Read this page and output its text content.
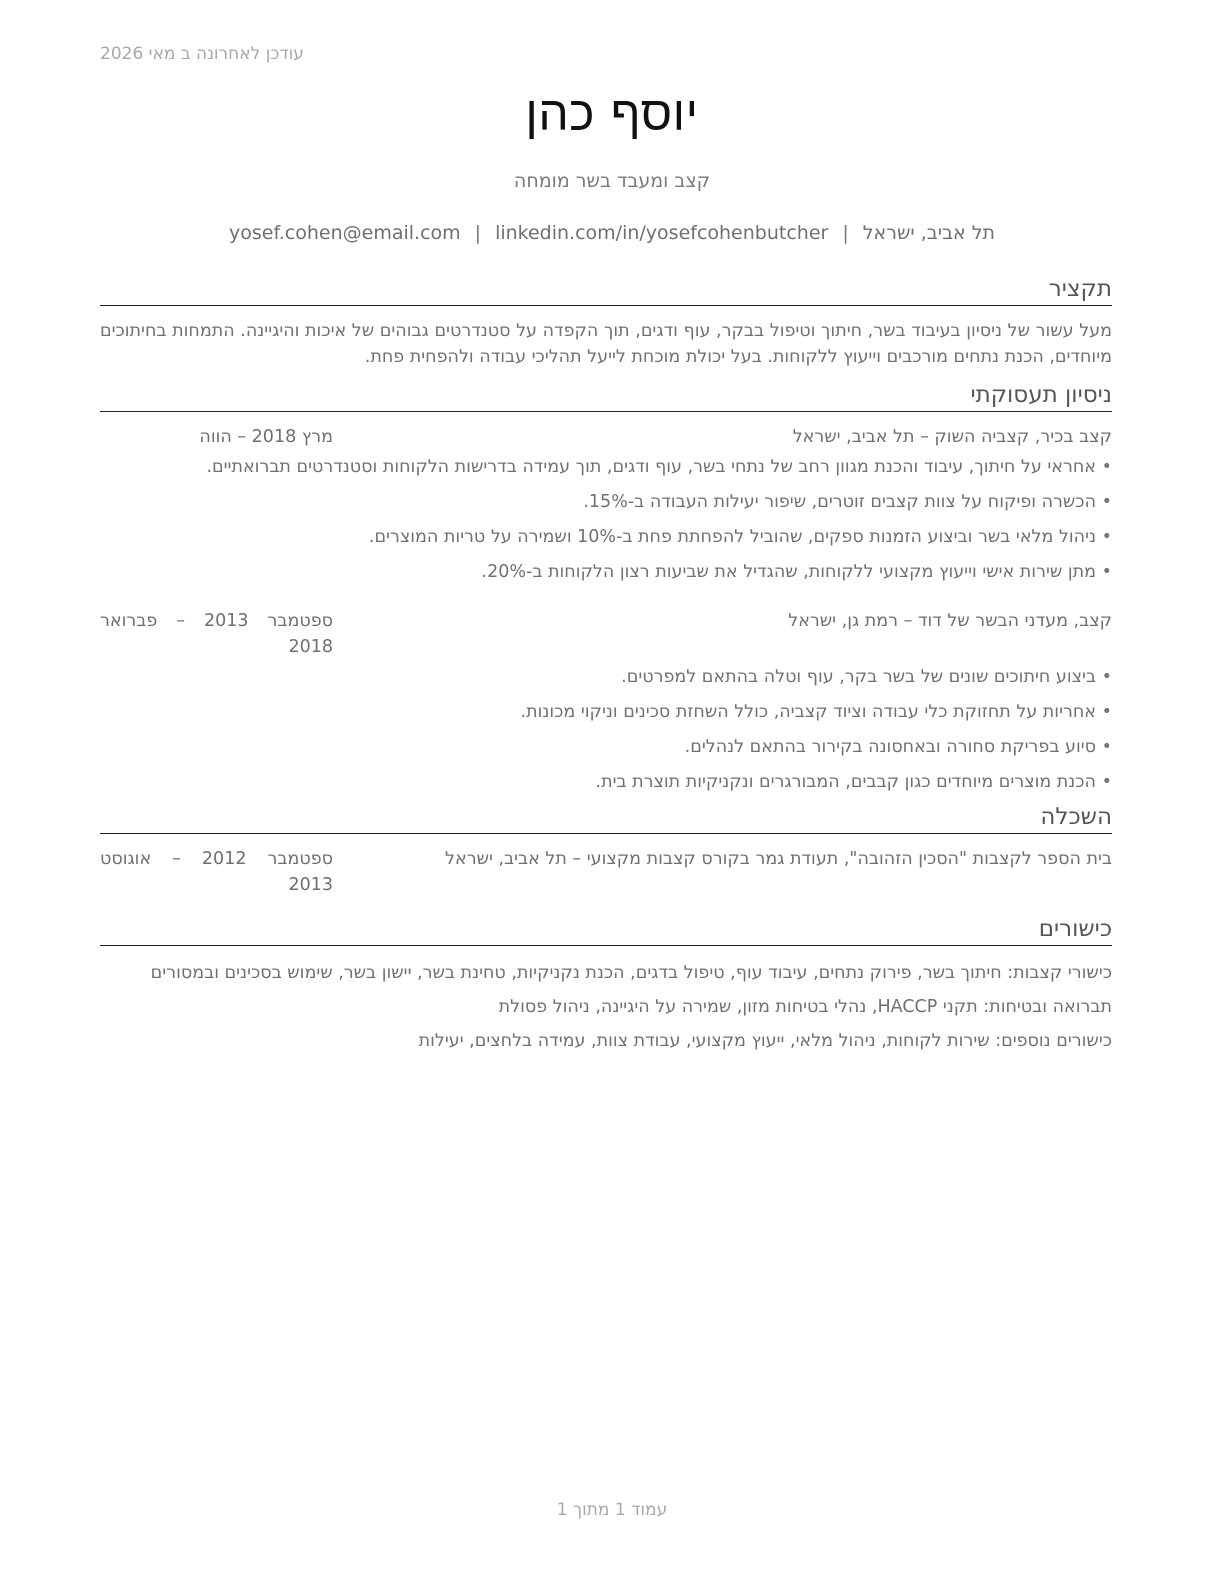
עודכן לאחרונה ב מאי 2026
יוסף כהן
קצב ומעבד בשר מומחה
תל אביב, ישראל|yosef.cohen@email.com | linkedin.com/in/yosefcohenbutcher
תקציר
מעל עשור של ניסיון בעיבוד בשר, חיתוך וטיפול בבקר, עוף ודגים, תוך הקפדה על סטנדרטים גבוהים של איכות והיגיינה. התמחות בחיתוכים מיוחדים, הכנת נתחים מורכבים וייעוץ ללקוחות. בעל יכולת מוכחת לייעל תהליכי עבודה ולהפחית פחת.
ניסיון תעסוקתי
קצב בכיר, קצביה השוק – תל אביב, ישראל
מרץ 2018 – הווה
•
אחראי על חיתוך, עיבוד והכנת מגוון רחב של נתחי בשר, עוף ודגים, תוך עמידה בדרישות הלקוחות וסטנדרטים תברואתיים.
•
הכשרה ופיקוח על צוות קצבים זוטרים, שיפור יעילות העבודה ב-15%.
•
ניהול מלאי בשר וביצוע הזמנות ספקים, שהוביל להפחתת פחת ב-10% ושמירה על טריות המוצרים.
•
מתן שירות אישי וייעוץ מקצועי ללקוחות, שהגדיל את שביעות רצון הלקוחות ב-20%.
קצב, מעדני הבשר של דוד – רמת גן, ישראל
ספטמבר 2013 – פברואר 2018
•
ביצוע חיתוכים שונים של בשר בקר, עוף וטלה בהתאם למפרטים.
•
אחריות על תחזוקת כלי עבודה וציוד קצביה, כולל השחזת סכינים וניקוי מכונות.
•
סיוע בפריקת סחורה ובאחסונה בקירור בהתאם לנהלים.
•
הכנת מוצרים מיוחדים כגון קבבים, המבורגרים ונקניקיות תוצרת בית.
השכלה
בית הספר לקצבות "הסכין הזהובה", תעודת גמר בקורס קצבות מקצועי – תל אביב, ישראל
ספטמבר 2012 – אוגוסט 2013
כישורים
כישורי קצבות: חיתוך בשר, פירוק נתחים, עיבוד עוף, טיפול בדגים, הכנת נקניקיות, טחינת בשר, יישון בשר, שימוש בסכינים ובמסורים
תברואה ובטיחות: תקני HACCP, נהלי בטיחות מזון, שמירה על היגיינה, ניהול פסולת
כישורים נוספים: שירות לקוחות, ניהול מלאי, ייעוץ מקצועי, עבודת צוות, עמידה בלחצים, יעילות
עמוד 1 מתוך 1
